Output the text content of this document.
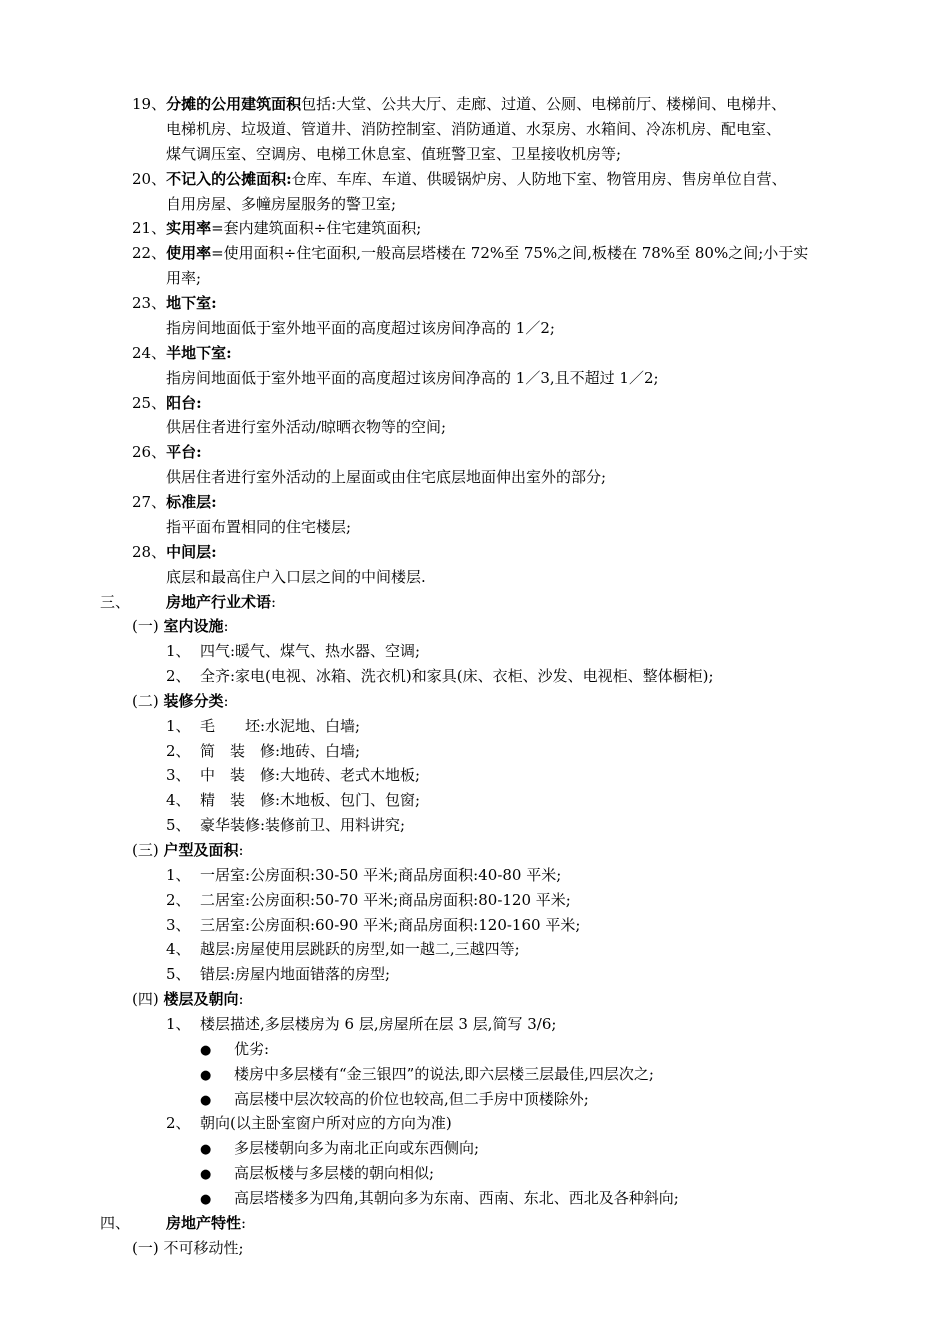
19、分摊的公用建筑面积包括:大堂、公共大厅、走廊、过道、公厕、电梯前厅、楼梯间、电梯井、
电梯机房、垃圾道、管道井、消防控制室、消防通道、水泵房、水箱间、冷冻机房、配电室、
煤气调压室、空调房、电梯工休息室、值班警卫室、卫星接收机房等;
20、不记入的公摊面积:仓库、车库、车道、供暖锅炉房、人防地下室、物管用房、售房单位自营、
自用房屋、多幢房屋服务的警卫室;
21、实用率=套内建筑面积÷住宅建筑面积;
22、使用率=使用面积÷住宅面积,一般高层塔楼在 72%至 75%之间,板楼在 78%至 80%之间;小于实
用率;
23、地下室:
指房间地面低于室外地平面的高度超过该房间净高的 1／2;
24、半地下室:
指房间地面低于室外地平面的高度超过该房间净高的 1／3,且不超过 1／2;
25、阳台:
供居住者进行室外活动/晾晒衣物等的空间;
26、平台:
供居住者进行室外活动的上屋面或由住宅底层地面伸出室外的部分;
27、标准层:
指平面布置相同的住宅楼层;
28、中间层:
底层和最高住户入口层之间的中间楼层.
三、 房地产行业术语:
(一) 室内设施:
1、 四气:暖气、煤气、热水器、空调;
2、 全齐:家电(电视、冰箱、洗衣机)和家具(床、衣柜、沙发、电视柜、整体橱柜);
(二) 装修分类:
1、 毛　　坯:水泥地、白墙;
2、 简　装　修:地砖、白墙;
3、 中　装　修:大地砖、老式木地板;
4、 精　装　修:木地板、包门、包窗;
5、 豪华装修:装修前卫、用料讲究;
(三) 户型及面积:
1、 一居室:公房面积:30-50 平米;商品房面积:40-80 平米;
2、 二居室:公房面积:50-70 平米;商品房面积:80-120 平米;
3、 三居室:公房面积:60-90 平米;商品房面积:120-160 平米;
4、 越层:房屋使用层跳跃的房型,如一越二,三越四等;
5、 错层:房屋内地面错落的房型;
(四) 楼层及朝向:
1、 楼层描述,多层楼房为 6 层,房屋所在层 3 层,简写 3/6;
● 优劣:
● 楼房中多层楼有“金三银四”的说法,即六层楼三层最佳,四层次之;
● 高层楼中层次较高的价位也较高,但二手房中顶楼除外;
2、 朝向(以主卧室窗户所对应的方向为准)
● 多层楼朝向多为南北正向或东西侧向;
● 高层板楼与多层楼的朝向相似;
● 高层塔楼多为四角,其朝向多为东南、西南、东北、西北及各种斜向;
四、 房地产特性:
(一) 不可移动性;
